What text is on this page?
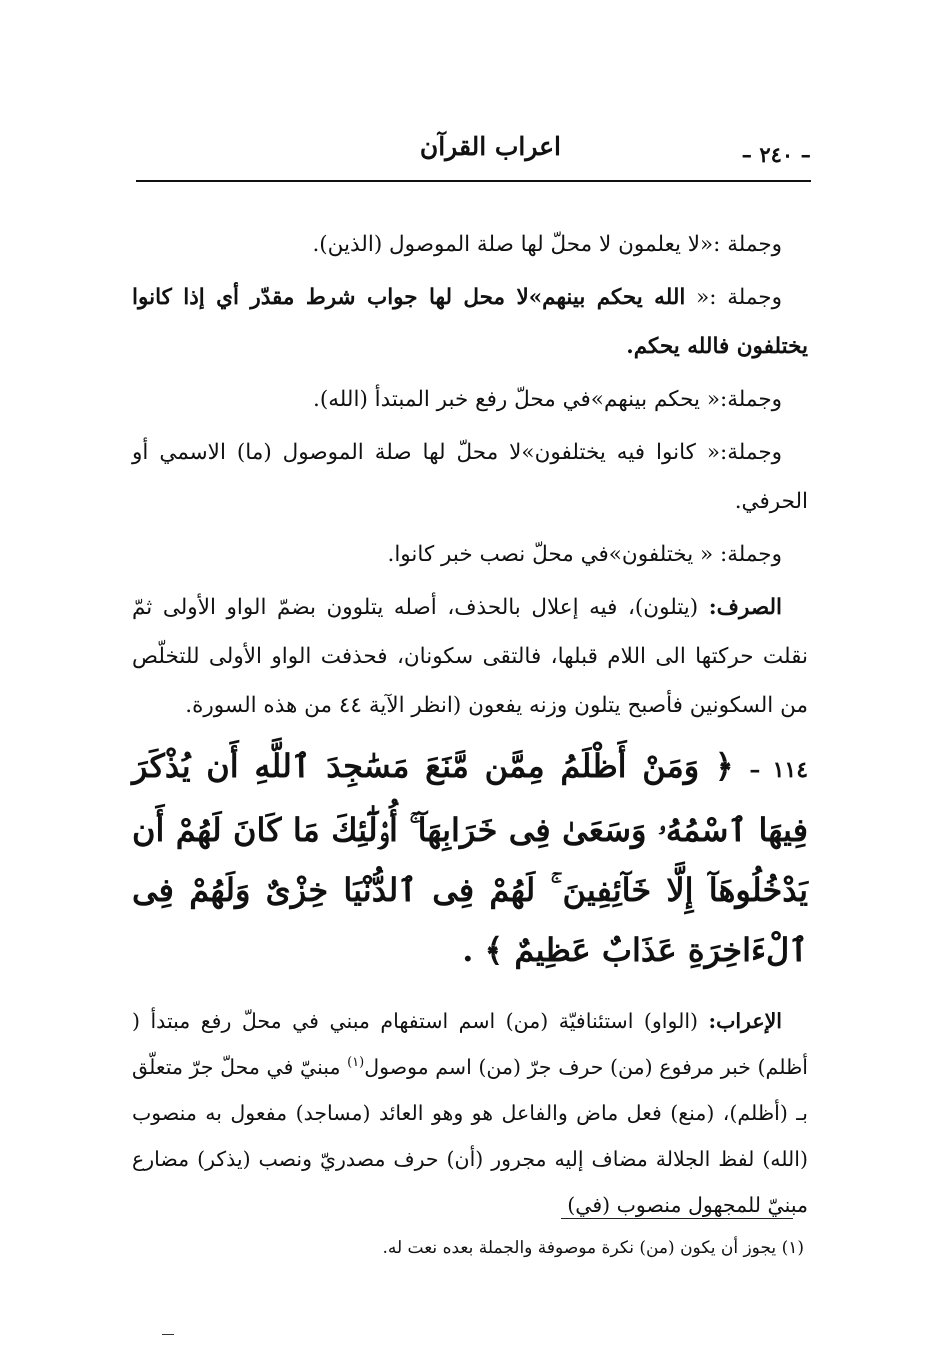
اعراب القرآن	– ٢٤٠ –

وجملة :«لا يعلمون لا محلّ لها صلة الموصول (الذين).

وجملة :« الله يحكم بينهم»لا محل لها جواب شرط مقدّر أي إذا كانوا يختلفون فالله يحكم.

وجملة:« يحكم بينهم»في محلّ رفع خبر المبتدأ (الله).

وجملة:« كانوا فيه يختلفون»لا محلّ لها صلة الموصول (ما) الاسمي أو الحرفي.

وجملة: « يختلفون»في محلّ نصب خبر كانوا.

الصرف: (يتلون)، فيه إعلال بالحذف، أصله يتلوون بضمّ الواو الأولى ثمّ نقلت حركتها الى اللام قبلها، فالتقى سكونان، فحذفت الواو الأولى للتخلّص من السكونين فأصبح يتلون وزنه يفعون (انظر الآية ٤٤ من هذه السورة.

١١٤ – ﴿ وَمَنْ أَظْلَمُ مِمَّن مَّنَعَ مَسَٰجِدَ ٱللَّهِ أَن يُذْكَرَ فِيهَا ٱسْمُهُۥ وَسَعَىٰ فِى خَرَابِهَآ ۚ أُو۟لَٰٓئِكَ مَا كَانَ لَهُمْ أَن يَدْخُلُوهَآ إِلَّا خَآئِفِينَ ۚ لَهُمْ فِى ٱلدُّنْيَا خِزْىٌ وَلَهُمْ فِى ٱلْءَاخِرَةِ عَذَابٌ عَظِيمٌ ﴾ .

الإعراب: (الواو) استئنافيّة (من) اسم استفهام مبني في محلّ رفع مبتدأ ( أظلم) خبر مرفوع (من) حرف جرّ (من) اسم موصول$^{(١)}$ مبنيّ في محلّ جرّ متعلّق بـ (أظلم)، (منع) فعل ماض والفاعل هو وهو العائد (مساجد) مفعول به منصوب (الله) لفظ الجلالة مضاف إليه مجرور (أن) حرف مصدريّ ونصب (يذكر) مضارع مبنيّ للمجهول منصوب (في)

(١) يجوز أن يكون (من) نكرة موصوفة والجملة بعده نعت له.
